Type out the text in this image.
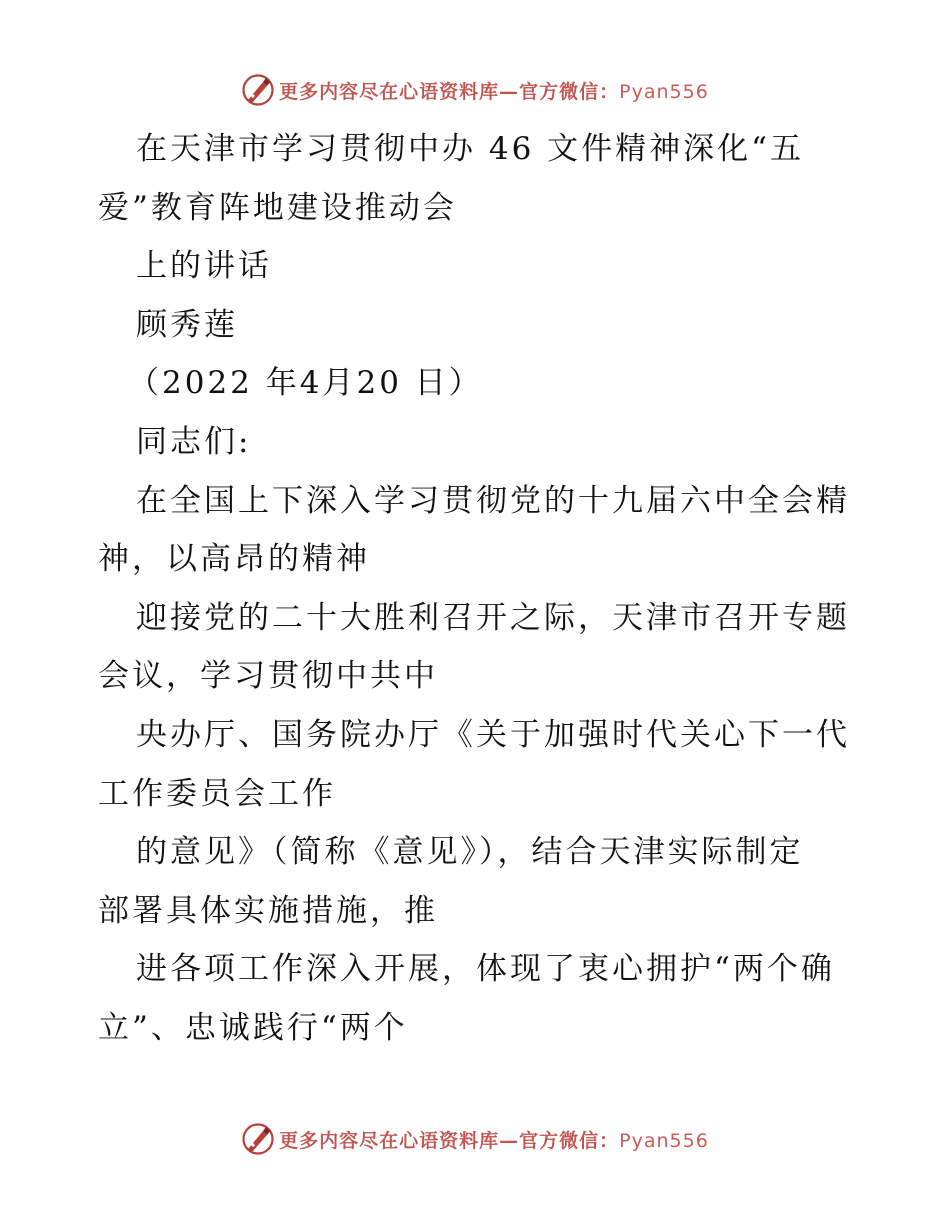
更多内容尽在心语资料库—官方微信：Pyan556
在天津市学习贯彻中办 46 文件精神深化“五
爱”教育阵地建设推动会
上的讲话
顾秀莲
（2022 年4月20 日）
同志们:
在全国上下深入学习贯彻党的十九届六中全会精
神，以高昂的精神
迎接党的二十大胜利召开之际，天津市召开专题
会议，学习贯彻中共中
央办厅、国务院办厅《关于加强时代关心下一代
工作委员会工作
的意见》（简称《意见》），结合天津实际制定
部署具体实施措施，推
进各项工作深入开展，体现了衷心拥护“两个确
立”、忠诚践行“两个
更多内容尽在心语资料库—官方微信：Pyan556
